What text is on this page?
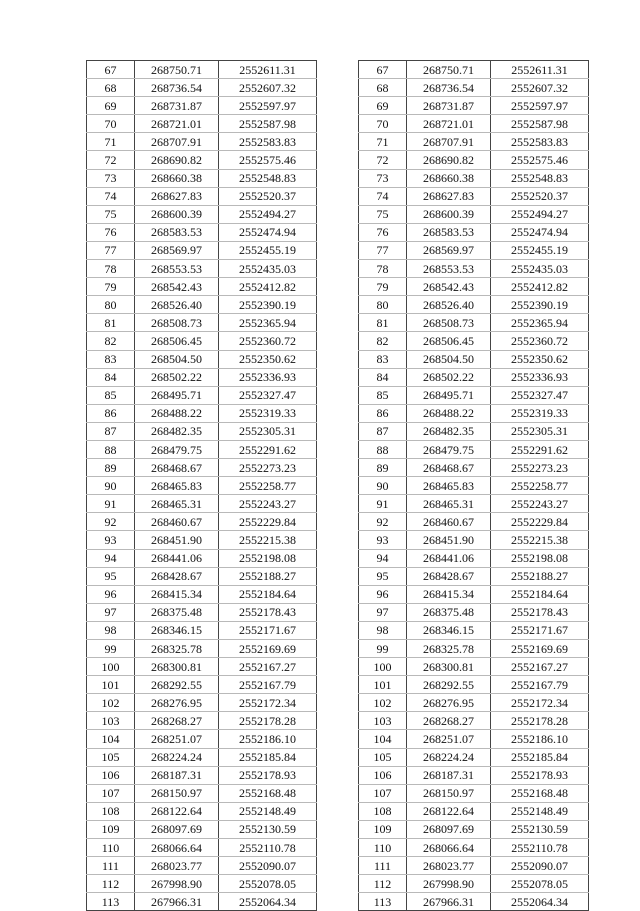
67	268750.71	2552611.31
68	268736.54	2552607.32
69	268731.87	2552597.97
70	268721.01	2552587.98
71	268707.91	2552583.83
72	268690.82	2552575.46
73	268660.38	2552548.83
74	268627.83	2552520.37
75	268600.39	2552494.27
76	268583.53	2552474.94
77	268569.97	2552455.19
78	268553.53	2552435.03
79	268542.43	2552412.82
80	268526.40	2552390.19
81	268508.73	2552365.94
82	268506.45	2552360.72
83	268504.50	2552350.62
84	268502.22	2552336.93
85	268495.71	2552327.47
86	268488.22	2552319.33
87	268482.35	2552305.31
88	268479.75	2552291.62
89	268468.67	2552273.23
90	268465.83	2552258.77
91	268465.31	2552243.27
92	268460.67	2552229.84
93	268451.90	2552215.38
94	268441.06	2552198.08
95	268428.67	2552188.27
96	268415.34	2552184.64
97	268375.48	2552178.43
98	268346.15	2552171.67
99	268325.78	2552169.69
100	268300.81	2552167.27
101	268292.55	2552167.79
102	268276.95	2552172.34
103	268268.27	2552178.28
104	268251.07	2552186.10
105	268224.24	2552185.84
106	268187.31	2552178.93
107	268150.97	2552168.48
108	268122.64	2552148.49
109	268097.69	2552130.59
110	268066.64	2552110.78
111	268023.77	2552090.07
112	267998.90	2552078.05
113	267966.31	2552064.34
67	268750.71	2552611.31
68	268736.54	2552607.32
69	268731.87	2552597.97
70	268721.01	2552587.98
71	268707.91	2552583.83
72	268690.82	2552575.46
73	268660.38	2552548.83
74	268627.83	2552520.37
75	268600.39	2552494.27
76	268583.53	2552474.94
77	268569.97	2552455.19
78	268553.53	2552435.03
79	268542.43	2552412.82
80	268526.40	2552390.19
81	268508.73	2552365.94
82	268506.45	2552360.72
83	268504.50	2552350.62
84	268502.22	2552336.93
85	268495.71	2552327.47
86	268488.22	2552319.33
87	268482.35	2552305.31
88	268479.75	2552291.62
89	268468.67	2552273.23
90	268465.83	2552258.77
91	268465.31	2552243.27
92	268460.67	2552229.84
93	268451.90	2552215.38
94	268441.06	2552198.08
95	268428.67	2552188.27
96	268415.34	2552184.64
97	268375.48	2552178.43
98	268346.15	2552171.67
99	268325.78	2552169.69
100	268300.81	2552167.27
101	268292.55	2552167.79
102	268276.95	2552172.34
103	268268.27	2552178.28
104	268251.07	2552186.10
105	268224.24	2552185.84
106	268187.31	2552178.93
107	268150.97	2552168.48
108	268122.64	2552148.49
109	268097.69	2552130.59
110	268066.64	2552110.78
111	268023.77	2552090.07
112	267998.90	2552078.05
113	267966.31	2552064.34
